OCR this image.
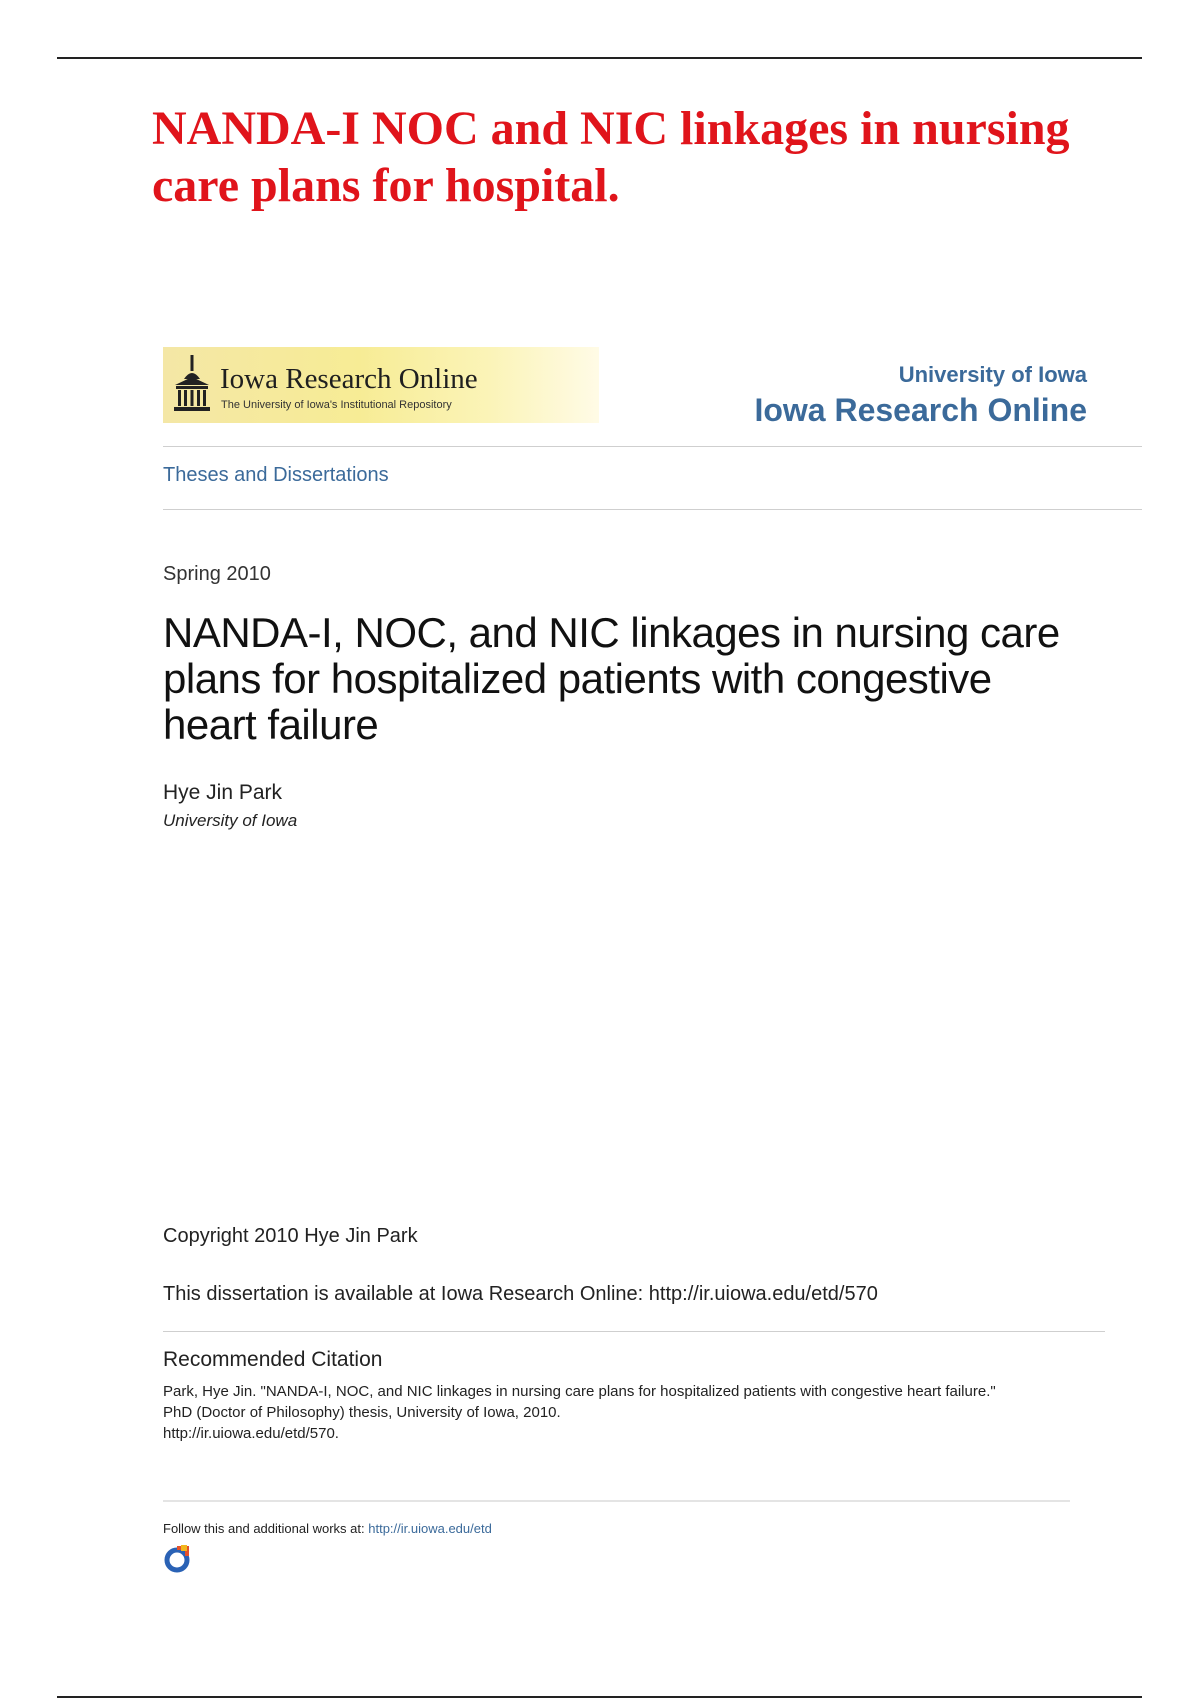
NANDA-I NOC and NIC linkages in nursing care plans for hospital.
Iowa Research Online
The University of Iowa's Institutional Repository
University of Iowa
Iowa Research Online
Theses and Dissertations
Spring 2010
NANDA-I, NOC, and NIC linkages in nursing care plans for hospitalized patients with congestive heart failure
Hye Jin Park
University of Iowa
Copyright 2010 Hye Jin Park
This dissertation is available at Iowa Research Online: http://ir.uiowa.edu/etd/570
Recommended Citation
Park, Hye Jin. "NANDA-I, NOC, and NIC linkages in nursing care plans for hospitalized patients with congestive heart failure."
PhD (Doctor of Philosophy) thesis, University of Iowa, 2010.
http://ir.uiowa.edu/etd/570.
Follow this and additional works at: http://ir.uiowa.edu/etd
